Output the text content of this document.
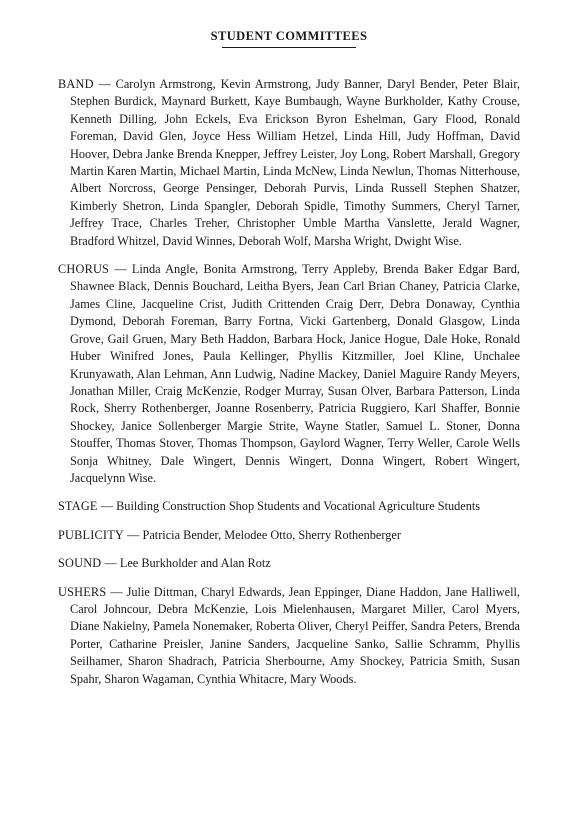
STUDENT COMMITTEES

BAND — Carolyn Armstrong, Kevin Armstrong, Judy Banner, Daryl Bender, Peter Blair, Stephen Burdick, Maynard Burkett, Kaye Bumbaugh, Wayne Burkholder, Kathy Crouse, Kenneth Dilling, John Eckels, Eva Erickson Byron Eshelman, Gary Flood, Ronald Foreman, David Glen, Joyce Hess William Hetzel, Linda Hill, Judy Hoffman, David Hoover, Debra Janke Brenda Knepper, Jeffrey Leister, Joy Long, Robert Marshall, Gregory Martin Karen Martin, Michael Martin, Linda McNew, Linda Newlun, Thomas Nitterhouse, Albert Norcross, George Pensinger, Deborah Purvis, Linda Russell Stephen Shatzer, Kimberly Shetron, Linda Spangler, Deborah Spidle, Timothy Summers, Cheryl Tarner, Jeffrey Trace, Charles Treher, Christopher Umble Martha Vanslette, Jerald Wagner, Bradford Whitzel, David Winnes, Deborah Wolf, Marsha Wright, Dwight Wise.

CHORUS — Linda Angle, Bonita Armstrong, Terry Appleby, Brenda Baker Edgar Bard, Shawnee Black, Dennis Bouchard, Leitha Byers, Jean Carl Brian Chaney, Patricia Clarke, James Cline, Jacqueline Crist, Judith Crittenden Craig Derr, Debra Donaway, Cynthia Dymond, Deborah Foreman, Barry Fortna, Vicki Gartenberg, Donald Glasgow, Linda Grove, Gail Gruen, Mary Beth Haddon, Barbara Hock, Janice Hogue, Dale Hoke, Ronald Huber Winifred Jones, Paula Kellinger, Phyllis Kitzmiller, Joel Kline, Unchalee Krunyawath, Alan Lehman, Ann Ludwig, Nadine Mackey, Daniel Maguire Randy Meyers, Jonathan Miller, Craig McKenzie, Rodger Murray, Susan Olver, Barbara Patterson, Linda Rock, Sherry Rothenberger, Joanne Rosenberry, Patricia Ruggiero, Karl Shaffer, Bonnie Shockey, Janice Sollenberger Margie Strite, Wayne Statler, Samuel L. Stoner, Donna Stouffer, Thomas Stover, Thomas Thompson, Gaylord Wagner, Terry Weller, Carole Wells Sonja Whitney, Dale Wingert, Dennis Wingert, Donna Wingert, Robert Wingert, Jacquelynn Wise.

STAGE — Building Construction Shop Students and Vocational Agriculture Students

PUBLICITY — Patricia Bender, Melodee Otto, Sherry Rothenberger

SOUND — Lee Burkholder and Alan Rotz

USHERS — Julie Dittman, Charyl Edwards, Jean Eppinger, Diane Haddon, Jane Halliwell, Carol Johncour, Debra McKenzie, Lois Mielenhausen, Margaret Miller, Carol Myers, Diane Nakielny, Pamela Nonemaker, Roberta Oliver, Cheryl Peiffer, Sandra Peters, Brenda Porter, Catharine Preisler, Janine Sanders, Jacqueline Sanko, Sallie Schramm, Phyllis Seilhamer, Sharon Shadrach, Patricia Sherbourne, Amy Shockey, Patricia Smith, Susan Spahr, Sharon Wagaman, Cynthia Whitacre, Mary Woods.
